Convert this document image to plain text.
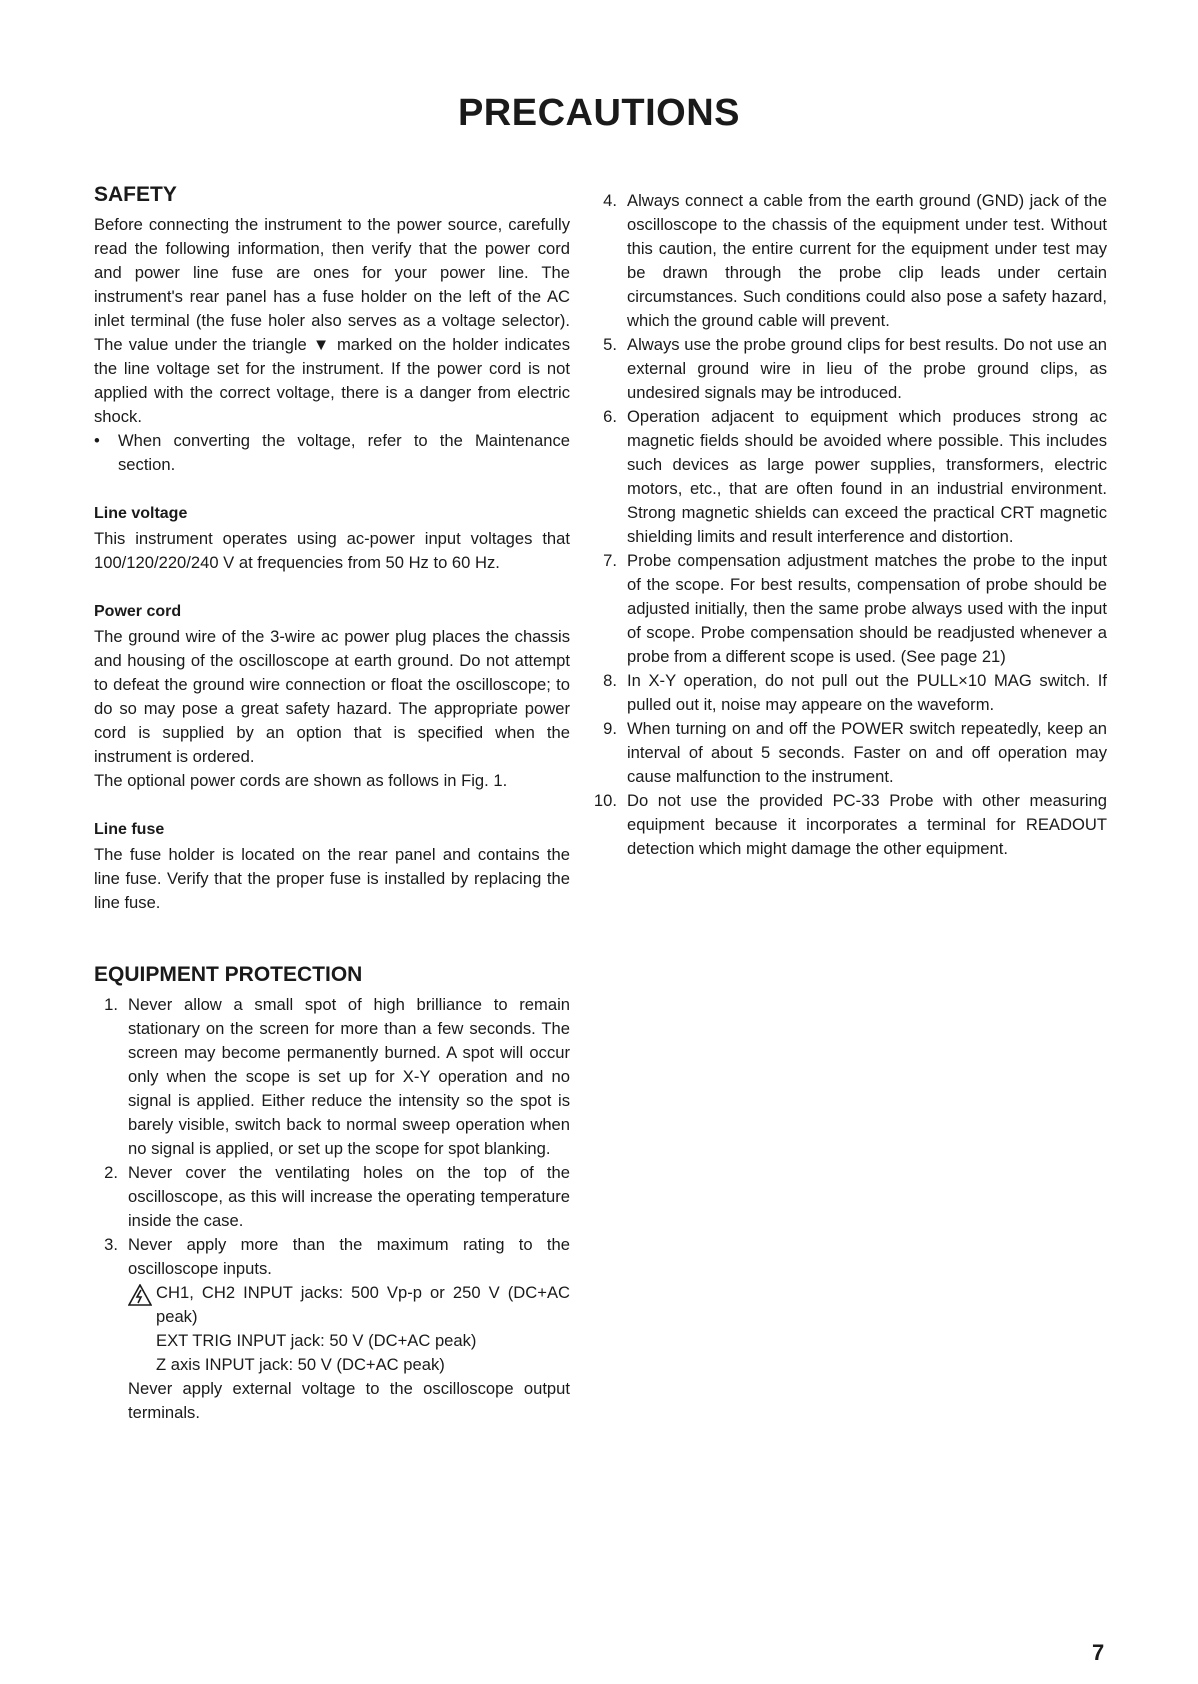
PRECAUTIONS
SAFETY

Before connecting the instrument to the power source, carefully read the following information, then verify that the power cord and power line fuse are ones for your power line. The instrument's rear panel has a fuse holder on the left of the AC inlet terminal (the fuse holer also serves as a voltage selector). The value under the triangle ▼ marked on the holder indicates the line voltage set for the instrument. If the power cord is not applied with the correct voltage, there is a danger from electric shock.

•	When converting the voltage, refer to the Maintenance section.
Line voltage

This instrument operates using ac-power input voltages that 100/120/220/240 V at frequencies from 50 Hz to 60 Hz.

Power cord

The ground wire of the 3-wire ac power plug places the chassis and housing of the oscilloscope at earth ground. Do not attempt to defeat the ground wire connection or float the oscilloscope; to do so may pose a great safety hazard. The appropriate power cord is supplied by an option that is specified when the instrument is ordered.

The optional power cords are shown as follows in Fig. 1.

Line fuse

The fuse holder is located on the rear panel and contains the line fuse. Verify that the proper fuse is installed by replacing the line fuse.

EQUIPMENT PROTECTION
1. Never allow a small spot of high brilliance to remain stationary on the screen for more than a few seconds. The screen may become permanently burned. A spot will occur only when the scope is set up for X-Y operation and no signal is applied. Either reduce the intensity so the spot is barely visible, switch back to normal sweep operation when no signal is applied, or set up the scope for spot blanking.
2. Never cover the ventilating holes on the top of the oscilloscope, as this will increase the operating temperature inside the case.
3. Never apply more than the maximum rating to the oscilloscope inputs.
CH1, CH2 INPUT jacks: 500 Vp-p or 250 V (DC+AC peak)
EXT TRIG INPUT jack: 50 V (DC+AC peak)
Z axis INPUT jack: 50 V (DC+AC peak)
Never apply external voltage to the oscilloscope output terminals.
4. Always connect a cable from the earth ground (GND) jack of the oscilloscope to the chassis of the equipment under test. Without this caution, the entire current for the equipment under test may be drawn through the probe clip leads under certain circumstances. Such conditions could also pose a safety hazard, which the ground cable will prevent.
5. Always use the probe ground clips for best results. Do not use an external ground wire in lieu of the probe ground clips, as undesired signals may be introduced.
6. Operation adjacent to equipment which produces strong ac magnetic fields should be avoided where possible. This includes such devices as large power supplies, transformers, electric motors, etc., that are often found in an industrial environment. Strong magnetic shields can exceed the practical CRT magnetic shielding limits and result interference and distortion.
7. Probe compensation adjustment matches the probe to the input of the scope. For best results, compensation of probe should be adjusted initially, then the same probe always used with the input of scope. Probe compensation should be readjusted whenever a probe from a different scope is used. (See page 21)
8. In X-Y operation, do not pull out the PULL×10 MAG switch. If pulled out it, noise may appeare on the waveform.
9. When turning on and off the POWER switch repeatedly, keep an interval of about 5 seconds. Faster on and off operation may cause malfunction to the instrument.
10. Do not use the provided PC-33 Probe with other measuring equipment because it incorporates a terminal for READOUT detection which might damage the other equipment.
7
